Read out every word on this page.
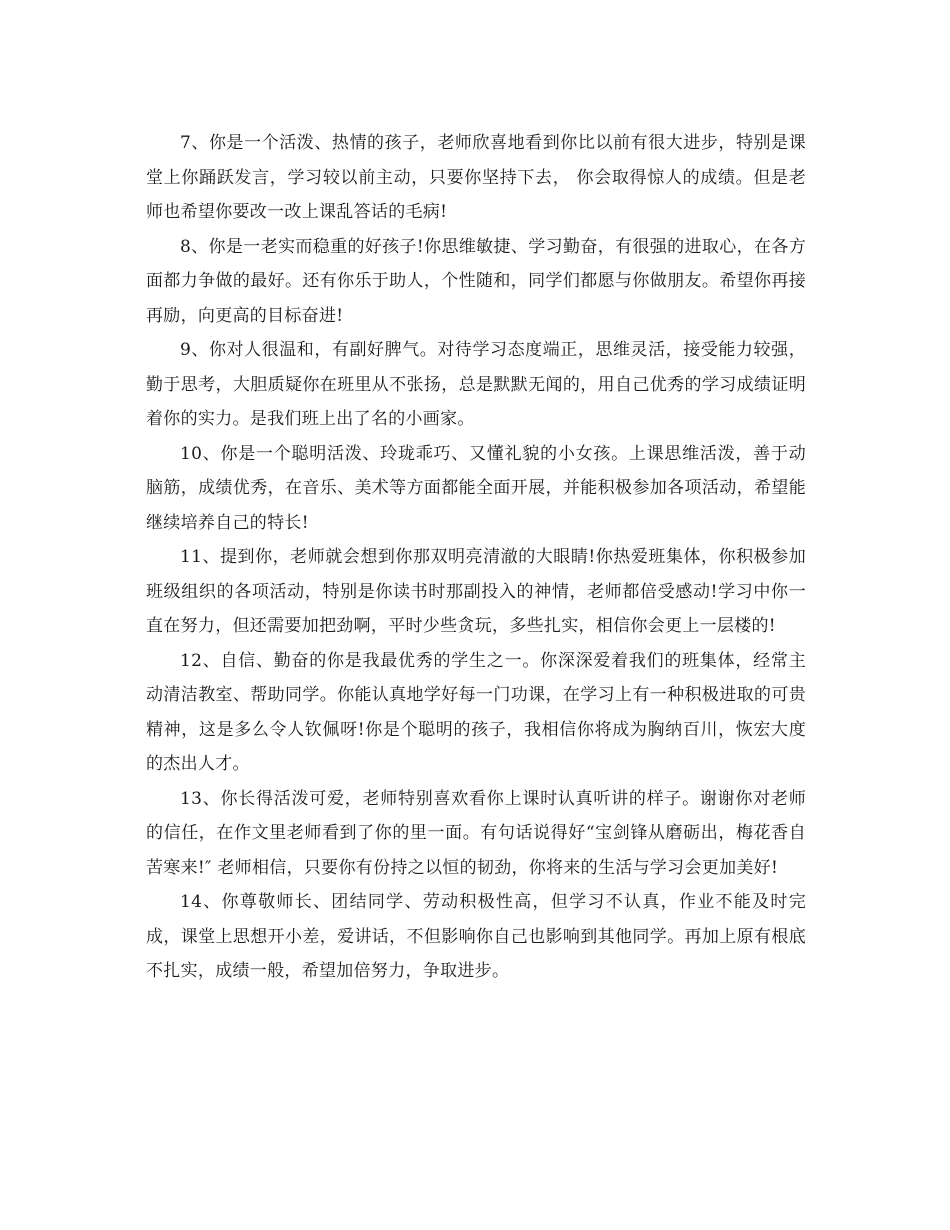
7、你是一个活泼、热情的孩子，老师欣喜地看到你比以前有很大进步，特别是课堂上你踊跃发言，学习较以前主动，只要你坚持下去， 你会取得惊人的成绩。但是老师也希望你要改一改上课乱答话的毛病!

8、你是一老实而稳重的好孩子!你思维敏捷、学习勤奋，有很强的进取心，在各方面都力争做的最好。还有你乐于助人，个性随和，同学们都愿与你做朋友。希望你再接再励，向更高的目标奋进!

9、你对人很温和，有副好脾气。对待学习态度端正，思维灵活，接受能力较强，勤于思考，大胆质疑你在班里从不张扬，总是默默无闻的，用自己优秀的学习成绩证明着你的实力。是我们班上出了名的小画家。

10、你是一个聪明活泼、玲珑乖巧、又懂礼貌的小女孩。上课思维活泼，善于动脑筋，成绩优秀，在音乐、美术等方面都能全面开展，并能积极参加各项活动，希望能继续培养自己的特长!

11、提到你，老师就会想到你那双明亮清澈的大眼睛!你热爱班集体，你积极参加班级组织的各项活动，特别是你读书时那副投入的神情，老师都倍受感动!学习中你一直在努力，但还需要加把劲啊，平时少些贪玩，多些扎实，相信你会更上一层楼的!

12、自信、勤奋的你是我最优秀的学生之一。你深深爱着我们的班集体，经常主动清洁教室、帮助同学。你能认真地学好每一门功课，在学习上有一种积极进取的可贵精神，这是多么令人钦佩呀!你是个聪明的孩子，我相信你将成为胸纳百川，恢宏大度的杰出人才。

13、你长得活泼可爱，老师特别喜欢看你上课时认真听讲的样子。谢谢你对老师的信任，在作文里老师看到了你的里一面。有句话说得好“宝剑锋从磨砺出，梅花香自苦寒来!″ 老师相信，只要你有份持之以恒的韧劲，你将来的生活与学习会更加美好!

14、你尊敬师长、团结同学、劳动积极性高，但学习不认真，作业不能及时完成，课堂上思想开小差，爱讲话，不但影响你自己也影响到其他同学。再加上原有根底不扎实，成绩一般，希望加倍努力，争取进步。
